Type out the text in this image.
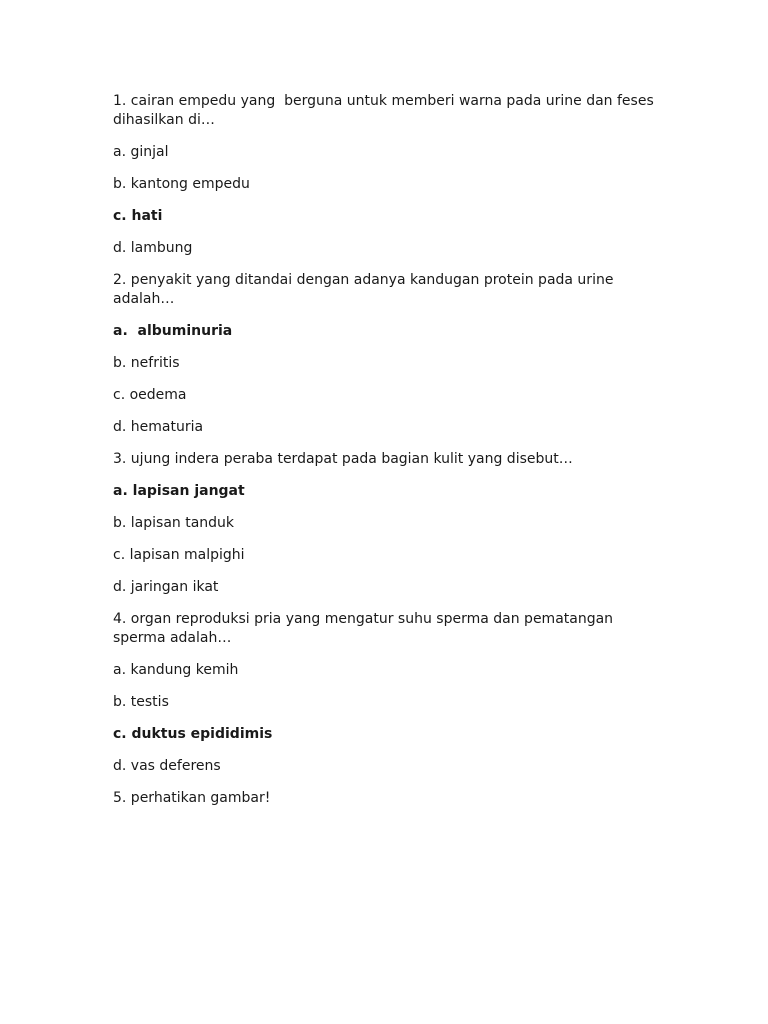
1. cairan empedu yang  berguna untuk memberi warna pada urine dan feses dihasilkan di…

a. ginjal

b. kantong empedu

c. hati

d. lambung

2. penyakit yang ditandai dengan adanya kandugan protein pada urine adalah…

a.  albuminuria

b. nefritis

c. oedema

d. hematuria

3. ujung indera peraba terdapat pada bagian kulit yang disebut…

a. lapisan jangat

b. lapisan tanduk

c. lapisan malpighi

d. jaringan ikat

4. organ reproduksi pria yang mengatur suhu sperma dan pematangan sperma adalah…

a. kandung kemih

b. testis

c. duktus epididimis

d. vas deferens

5. perhatikan gambar!
